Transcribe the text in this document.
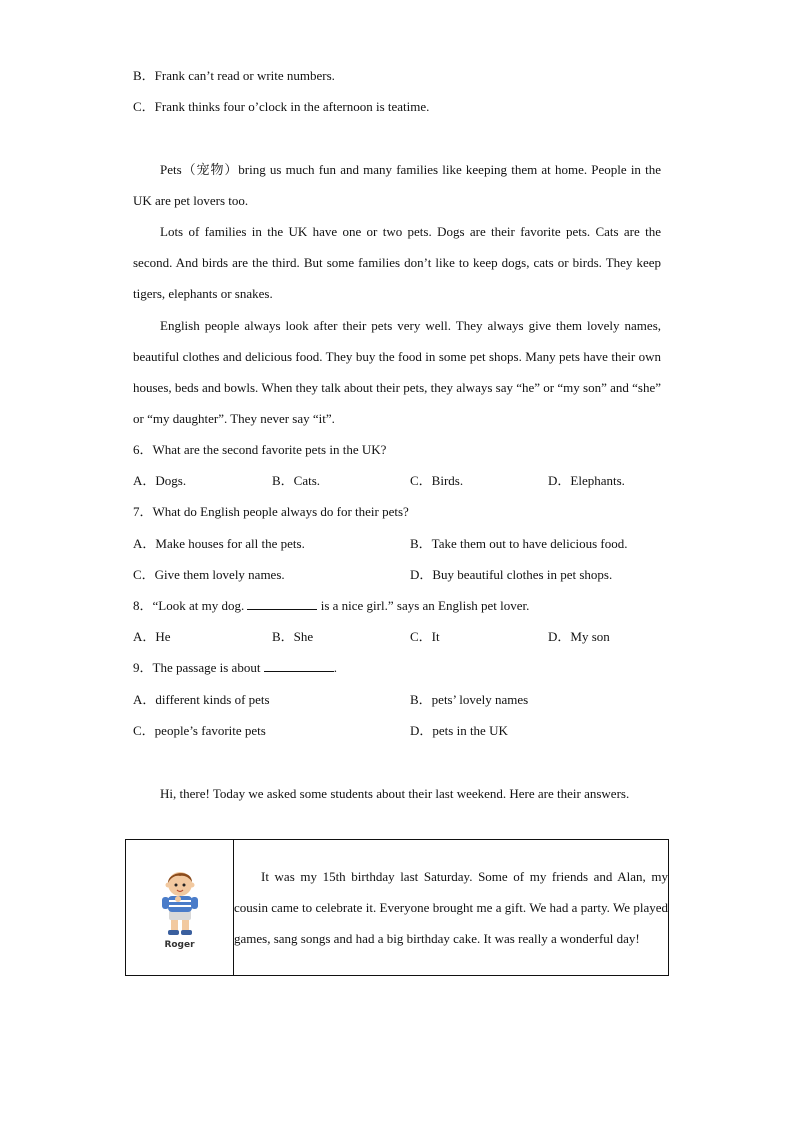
B．Frank can’t read or write numbers.
C．Frank thinks four o’clock in the afternoon is teatime.
Pets（宠物）bring us much fun and many families like keeping them at home. People in the UK are pet lovers too.
Lots of families in the UK have one or two pets. Dogs are their favorite pets. Cats are the second. And birds are the third. But some families don’t like to keep dogs, cats or birds. They keep tigers, elephants or snakes.
English people always look after their pets very well. They always give them lovely names, beautiful clothes and delicious food. They buy the food in some pet shops. Many pets have their own houses, beds and bowls. When they talk about their pets, they always say “he” or “my son” and “she” or “my daughter”. They never say “it”.
6．What are the second favorite pets in the UK?
A．Dogs.	B．Cats.	C．Birds.	D．Elephants.
7．What do English people always do for their pets?
A．Make houses for all the pets.	B．Take them out to have delicious food.
C．Give them lovely names.	D．Buy beautiful clothes in pet shops.
8．“Look at my dog.	is a nice girl.” says an English pet lover.
A．He	B．She	C．It	D．My son
9．The passage is about	.
A．different kinds of pets	B．pets’ lovely names
C．people’s favorite pets	D．pets in the UK
Hi, there! Today we asked some students about their last weekend. Here are their answers.
Roger

It was my 15th birthday last Saturday. Some of my friends and Alan, my cousin came to celebrate it. Everyone brought me a gift. We had a party. We played games, sang songs and had a big birthday cake. It was really a wonderful day!
